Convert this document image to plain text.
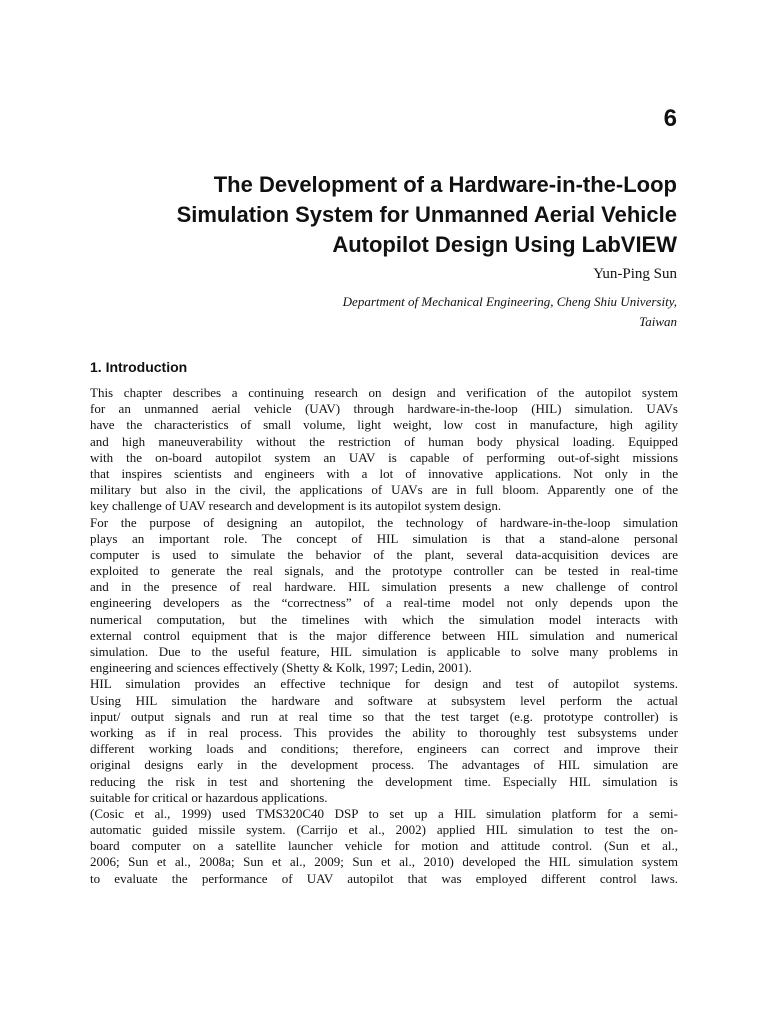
6
The Development of a Hardware-in-the-Loop
Simulation System for Unmanned Aerial Vehicle
Autopilot Design Using LabVIEW
Yun-Ping Sun
Department of Mechanical Engineering, Cheng Shiu University,
Taiwan
1. Introduction
This chapter describes a continuing research on design and verification of the autopilot system
for an unmanned aerial vehicle (UAV) through hardware-in-the-loop (HIL) simulation. UAVs
have the characteristics of small volume, light weight, low cost in manufacture, high agility
and high maneuverability without the restriction of human body physical loading. Equipped
with the on-board autopilot system an UAV is capable of performing out-of-sight missions
that inspires scientists and engineers with a lot of innovative applications. Not only in the
military but also in the civil, the applications of UAVs are in full bloom. Apparently one of the
key challenge of UAV research and development is its autopilot system design.
For the purpose of designing an autopilot, the technology of hardware-in-the-loop simulation
plays an important role. The concept of HIL simulation is that a stand-alone personal
computer is used to simulate the behavior of the plant, several data-acquisition devices are
exploited to generate the real signals, and the prototype controller can be tested in real-time
and in the presence of real hardware. HIL simulation presents a new challenge of control
engineering developers as the “correctness” of a real-time model not only depends upon the
numerical computation, but the timelines with which the simulation model interacts with
external control equipment that is the major difference between HIL simulation and numerical
simulation. Due to the useful feature, HIL simulation is applicable to solve many problems in
engineering and sciences effectively (Shetty & Kolk, 1997; Ledin, 2001).
HIL simulation provides an effective technique for design and test of autopilot systems.
Using HIL simulation the hardware and software at subsystem level perform the actual
input/ output signals and run at real time so that the test target (e.g. prototype controller) is
working as if in real process. This provides the ability to thoroughly test subsystems under
different working loads and conditions; therefore, engineers can correct and improve their
original designs early in the development process. The advantages of HIL simulation are
reducing the risk in test and shortening the development time. Especially HIL simulation is
suitable for critical or hazardous applications.
(Cosic et al., 1999) used TMS320C40 DSP to set up a HIL simulation platform for a semi-
automatic guided missile system. (Carrijo et al., 2002) applied HIL simulation to test the on-
board computer on a satellite launcher vehicle for motion and attitude control. (Sun et al.,
2006; Sun et al., 2008a; Sun et al., 2009; Sun et al., 2010) developed the HIL simulation system
to evaluate the performance of UAV autopilot that was employed different control laws.
